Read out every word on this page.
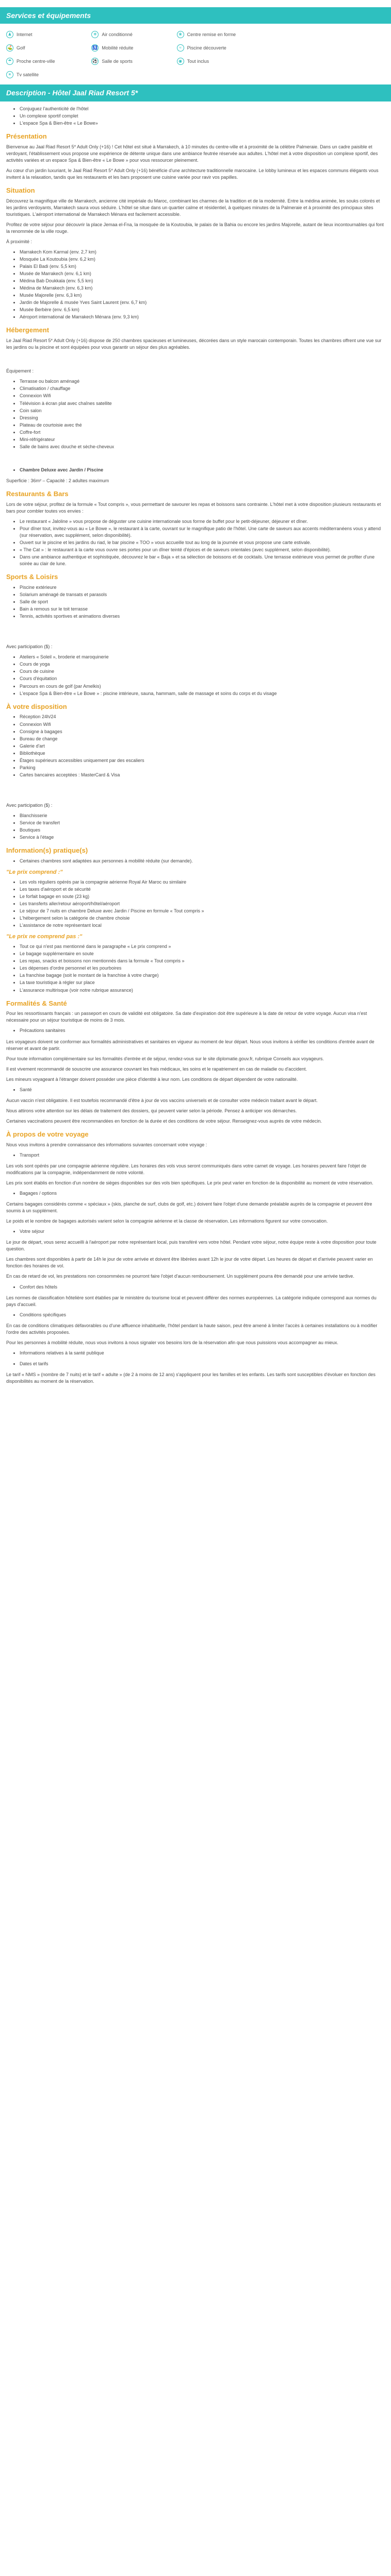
Services et équipements
♟	Internet	❄	Air conditionné	❀	Centre remise en forme
⛳ Golf	♿ Mobilité réduite	≈	Piscine découverte
☂	Proche centre-ville	⚽ Salle de sports	◉	Tout inclus
☀	Tv satellite
Description - Hôtel Jaal Riad Resort 5*
• Conjuguez l'authenticité de l'hôtel
• Un complexe sportif complet
• L'espace Spa & Bien-être « Le Bowe»
Présentation

Bienvenue au Jaal Riad Resort 5* Adult Only (+16) ! Cet hôtel est situé à Marrakech, à 10 minutes du centre-ville et à proximité de la célèbre Palmeraie. Dans un cadre paisible et verdoyant, l'établissement vous propose une expérience de détente unique dans une ambiance feutrée réservée aux adultes. L'hôtel met à votre disposition un complexe sportif, des activités variées et un espace Spa & Bien-être « Le Bowe » pour vous ressourcer pleinement.

Au cœur d'un jardin luxuriant, le Jaal Riad Resort 5* Adult Only (+16) bénéficie d'une architecture traditionnelle marocaine. Le lobby lumineux et les espaces communs élégants vous invitent à la relaxation, tandis que les restaurants et les bars proposent une cuisine variée pour ravir vos papilles.

Situation

Découvrez la magnifique ville de Marrakech, ancienne cité impériale du Maroc, combinant les charmes de la tradition et de la modernité. Entre la médina animée, les souks colorés et les jardins verdoyants, Marrakech saura vous séduire. L'hôtel se situe dans un quartier calme et résidentiel, à quelques minutes de la Palmeraie et à proximité des principaux sites touristiques. L'aéroport international de Marrakech Ménara est facilement accessible.

Profitez de votre séjour pour découvrir la place Jemaa el-Fna, la mosquée de la Koutoubia, le palais de la Bahia ou encore les jardins Majorelle, autant de lieux incontournables qui font la renommée de la ville rouge.

À proximité :

• Marrakech Kom Karmal (env. 2,7 km)
• Mosquée La Koutoubia (env. 6,2 km)
• Palais El Badi (env. 5,5 km)
• Musée de Marrakech (env. 6,1 km)
• Médina Bab Doukkala (env. 5,5 km)
• Médina de Marrakech (env. 6,3 km)
• Musée Majorelle (env. 6,3 km)
• Jardin de Majorelle & musée Yves Saint Laurent (env. 6,7 km)
• Musée Berbère (env. 6,5 km)
• Aéroport international de Marrakech Ménara (env. 9,3 km)
Hébergement

Le Jaal Riad Resort 5* Adult Only (+16) dispose de 250 chambres spacieuses et lumineuses, décorées dans un style marocain contemporain. Toutes les chambres offrent une vue sur les jardins ou la piscine et sont équipées pour vous garantir un séjour des plus agréables.

Équipement :

• Terrasse ou balcon aménagé
• Climatisation / chauffage
• Connexion Wifi
• Télévision à écran plat avec chaînes satellite
• Coin salon
• Dressing
• Plateau de courtoisie avec thé
• Coffre-fort
• Mini-réfrigérateur
• Salle de bains avec douche et sèche-cheveux
• Chambre Deluxe avec Jardin / Piscine

Superficie : 36m² – Capacité : 2 adultes maximum

Restaurants & Bars

Lors de votre séjour, profitez de la formule « Tout compris », vous permettant de savourer les repas et boissons sans contrainte. L'hôtel met à votre disposition plusieurs restaurants et bars pour combler toutes vos envies :

• Le restaurant « Jaloline » vous propose de déguster une cuisine internationale sous forme de buffet pour le petit-déjeuner, déjeuner et dîner.
• Pour dîner tout, invitez-vous au « Le Bowe », le restaurant à la carte, ouvrant sur le magnifique patio de l'hôtel. Une carte de saveurs aux accents méditerranéens vous y attend (sur réservation, avec supplément, selon disponibilité).
• Ouvert sur le piscine et les jardins du riad, le bar piscine « TOO » vous accueille tout au long de la journée et vous propose une carte estivale.
• « The Cat » : le restaurant à la carte vous ouvre ses portes pour un dîner teinté d'épices et de saveurs orientales (avec supplément, selon disponibilité).
• Dans une ambiance authentique et sophistiquée, découvrez le bar « Baja » et sa sélection de boissons et de cocktails. Une terrasse extérieure vous permet de profiter d'une soirée au clair de lune.
Sports & Loisirs
• Piscine extérieure
• Solarium aménagé de transats et parasols
• Salle de sport
• Bain à remous sur le toit terrasse
• Tennis, activités sportives et animations diverses

Avec participation ($) :

• Ateliers « Soleil », broderie et maroquinerie
• Cours de yoga
• Cours de cuisine
• Cours d'équitation
• Parcours en cours de golf (par Amelkis)
• L'espace Spa & Bien-être « Le Bowe » : piscine intérieure, sauna, hammam, salle de massage et soins du corps et du visage
À votre disposition
• Réception 24h/24
• Connexion Wifi
• Consigne à bagages
• Bureau de change
• Galerie d'art
• Bibliothèque
• Étages supérieurs accessibles uniquement par des escaliers
• Parking
• Cartes bancaires acceptées : MasterCard & Visa

Avec participation ($) :

• Blanchisserie
• Service de transfert
• Boutiques
• Service à l'étage
Information(s) pratique(s)
• Certaines chambres sont adaptées aux personnes à mobilité réduite (sur demande).
"Le prix comprend :"
• Les vols réguliers opérés par la compagnie aérienne Royal Air Maroc ou similaire
• Les taxes d'aéroport et de sécurité
• Le forfait bagage en soute (23 kg)
• Les transferts aller/retour aéroport/hôtel/aéroport
• Le séjour de 7 nuits en chambre Deluxe avec Jardin / Piscine en formule « Tout compris »
• L'hébergement selon la catégorie de chambre choisie
• L'assistance de notre représentant local
"Le prix ne comprend pas :"
• Tout ce qui n'est pas mentionné dans le paragraphe « Le prix comprend »
• Le bagage supplémentaire en soute
• Les repas, snacks et boissons non mentionnés dans la formule « Tout compris »
• Les dépenses d'ordre personnel et les pourboires
• La franchise bagage (soit le montant de la franchise à votre charge)
• La taxe touristique à régler sur place
• L'assurance multirisque (voir notre rubrique assurance)
Formalités & Santé

Pour les ressortissants français : un passeport en cours de validité est obligatoire. Sa date d'expiration doit être supérieure à la date de retour de votre voyage. Aucun visa n'est nécessaire pour un séjour touristique de moins de 3 mois.

• Précautions sanitaires

Les voyageurs doivent se conformer aux formalités administratives et sanitaires en vigueur au moment de leur départ. Nous vous invitons à vérifier les conditions d'entrée avant de réserver et avant de partir.

Pour toute information complémentaire sur les formalités d'entrée et de séjour, rendez-vous sur le site diplomatie.gouv.fr, rubrique Conseils aux voyageurs.

Il est vivement recommandé de souscrire une assurance couvrant les frais médicaux, les soins et le rapatriement en cas de maladie ou d'accident.

Les mineurs voyageant à l'étranger doivent posséder une pièce d'identité à leur nom. Les conditions de départ dépendent de votre nationalité.

• Santé

Aucun vaccin n'est obligatoire. Il est toutefois recommandé d'être à jour de vos vaccins universels et de consulter votre médecin traitant avant le départ.

Nous attirons votre attention sur les délais de traitement des dossiers, qui peuvent varier selon la période. Pensez à anticiper vos démarches.

Certaines vaccinations peuvent être recommandées en fonction de la durée et des conditions de votre séjour. Renseignez-vous auprès de votre médecin.

À propos de votre voyage

Nous vous invitons à prendre connaissance des informations suivantes concernant votre voyage :

• Transport

Les vols sont opérés par une compagnie aérienne régulière. Les horaires des vols vous seront communiqués dans votre carnet de voyage. Les horaires peuvent faire l'objet de modifications par la compagnie, indépendamment de notre volonté.

Les prix sont établis en fonction d'un nombre de sièges disponibles sur des vols bien spécifiques. Le prix peut varier en fonction de la disponibilité au moment de votre réservation.

• Bagages / options

Certains bagages considérés comme « spéciaux » (skis, planche de surf, clubs de golf, etc.) doivent faire l'objet d'une demande préalable auprès de la compagnie et peuvent être soumis à un supplément.

Le poids et le nombre de bagages autorisés varient selon la compagnie aérienne et la classe de réservation. Les informations figurent sur votre convocation.

• Votre séjour

Le jour de départ, vous serez accueilli à l'aéroport par notre représentant local, puis transféré vers votre hôtel. Pendant votre séjour, notre équipe reste à votre disposition pour toute question.

Les chambres sont disponibles à partir de 14h le jour de votre arrivée et doivent être libérées avant 12h le jour de votre départ. Les heures de départ et d'arrivée peuvent varier en fonction des horaires de vol.

En cas de retard de vol, les prestations non consommées ne pourront faire l'objet d'aucun remboursement. Un supplément pourra être demandé pour une arrivée tardive.

• Confort des hôtels

Les normes de classification hôtelière sont établies par le ministère du tourisme local et peuvent différer des normes européennes. La catégorie indiquée correspond aux normes du pays d'accueil.

• Conditions spécifiques

En cas de conditions climatiques défavorables ou d'une affluence inhabituelle, l'hôtel pendant la haute saison, peut être amené à limiter l'accès à certaines installations ou à modifier l'ordre des activités proposées.

Pour les personnes à mobilité réduite, nous vous invitons à nous signaler vos besoins lors de la réservation afin que nous puissions vous accompagner au mieux.

• Informations relatives à la santé publique
• Dates et tarifs

Le tarif « NMS » (nombre de 7 nuits) et le tarif « adulte » (de 2 à moins de 12 ans) s'appliquent pour les familles et les enfants. Les tarifs sont susceptibles d'évoluer en fonction des disponibilités au moment de la réservation.
